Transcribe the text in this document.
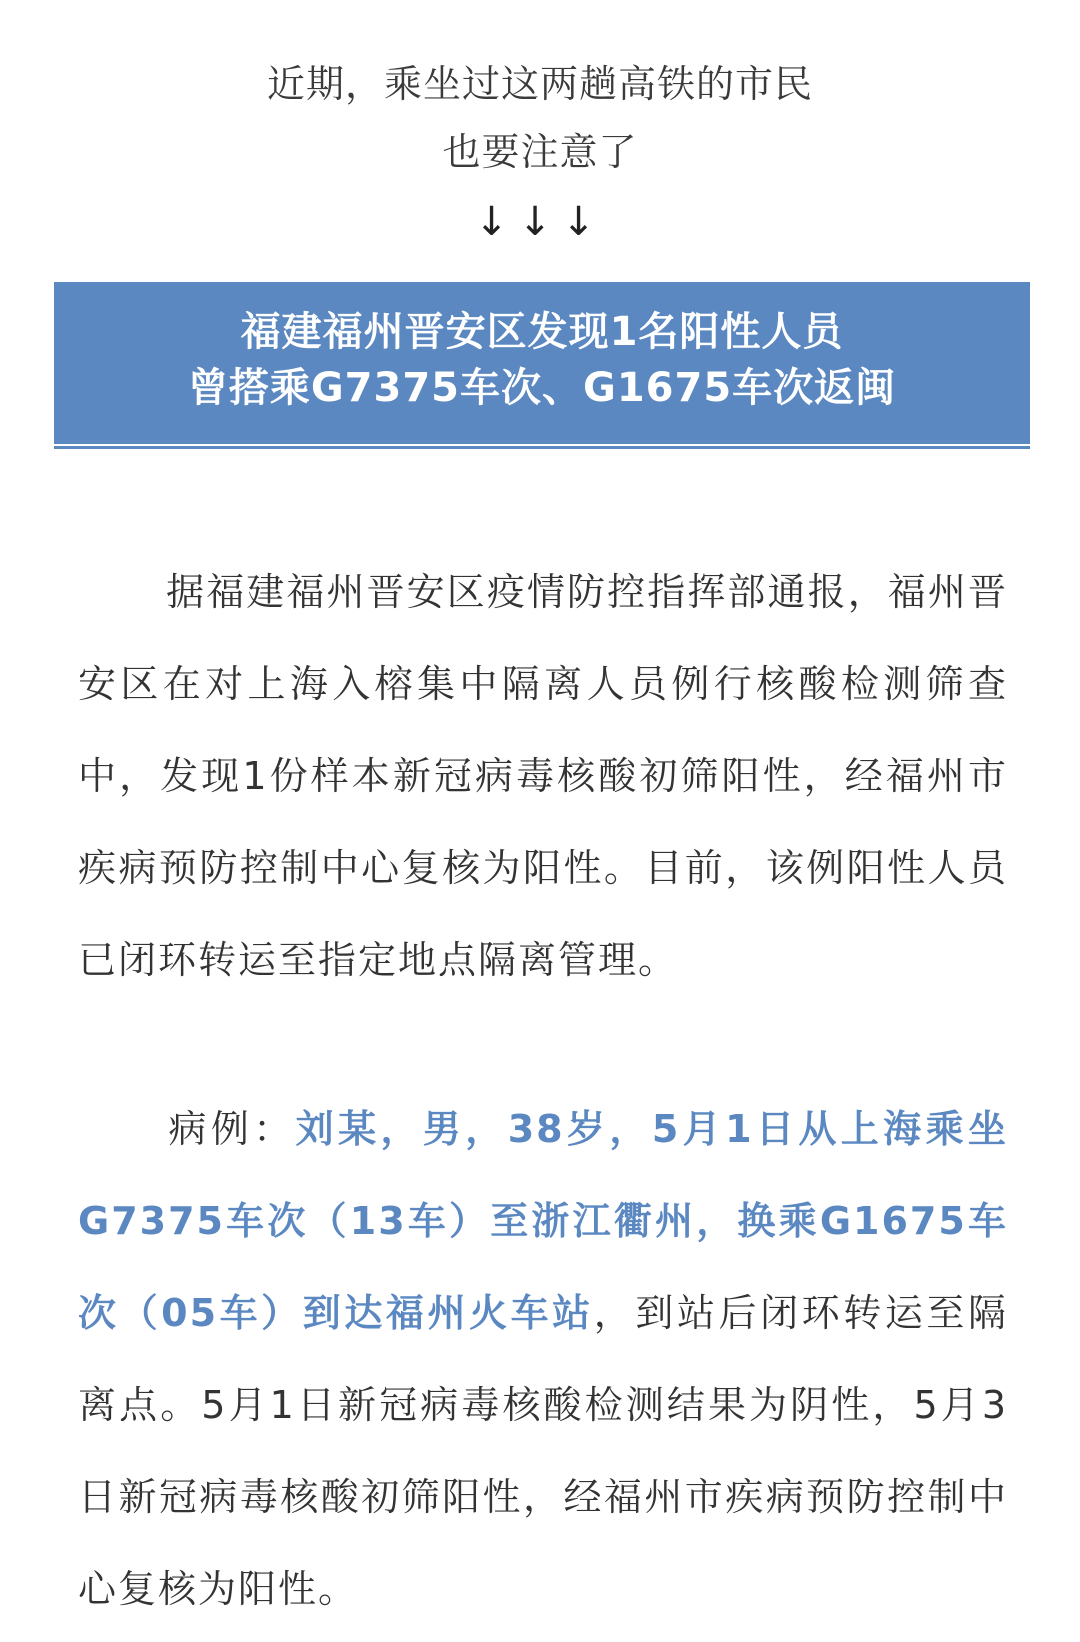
近期，乘坐过这两趟高铁的市民
也要注意了
↓↓↓
福建福州晋安区发现1名阳性人员
曾搭乘G7375车次、G1675车次返闽
据福建福州晋安区疫情防控指挥部通报，福州晋安区在对上海入榕集中隔离人员例行核酸检测筛查中，发现1份样本新冠病毒核酸初筛阳性，经福州市疾病预防控制中心复核为阳性。目前，该例阳性人员已闭环转运至指定地点隔离管理。
病例：刘某，男，38岁，5月1日从上海乘坐G7375车次（13车）至浙江衢州，换乘G1675车次（05车）到达福州火车站，到站后闭环转运至隔离点。5月1日新冠病毒核酸检测结果为阴性，5月3日新冠病毒核酸初筛阳性，经福州市疾病预防控制中心复核为阳性。
